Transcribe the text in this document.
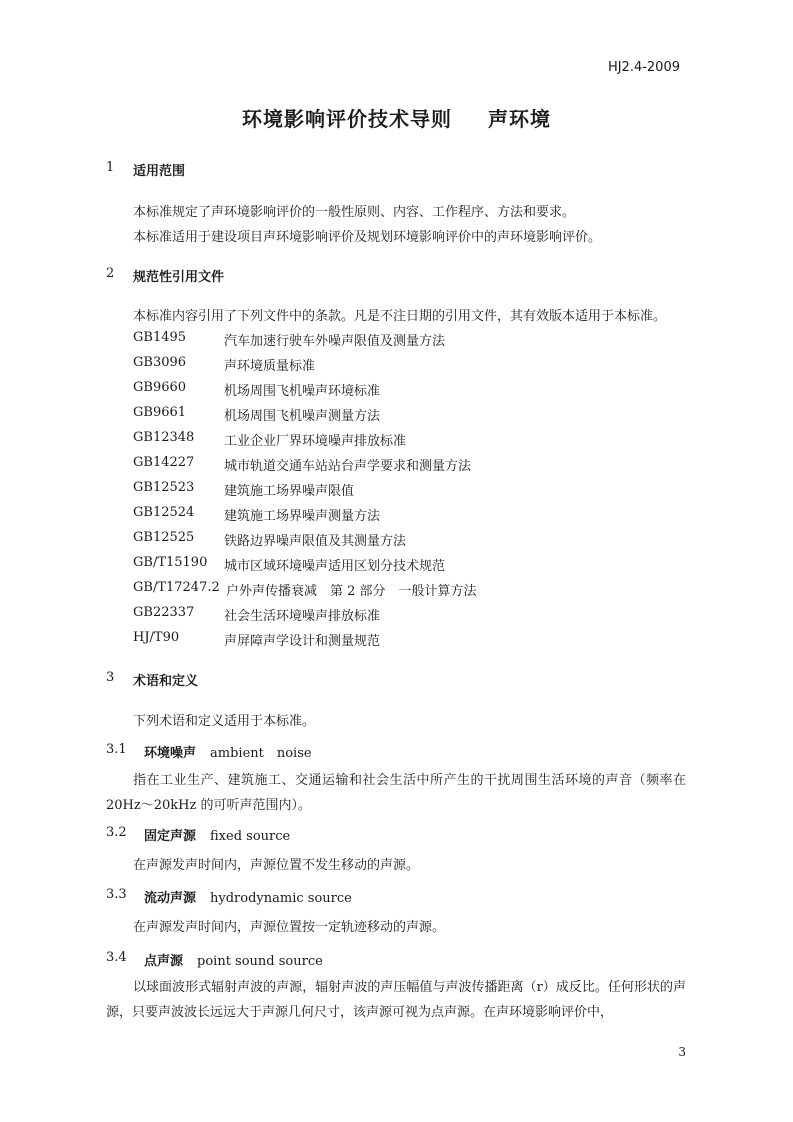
HJ2.4-2009
环境影响评价技术导则 声环境
1 适用范围
本标准规定了声环境影响评价的一般性原则、内容、工作程序、方法和要求。
本标准适用于建设项目声环境影响评价及规划环境影响评价中的声环境影响评价。
2 规范性引用文件
本标准内容引用了下列文件中的条款。凡是不注日期的引用文件，其有效版本适用于本标准。
GB1495	汽车加速行驶车外噪声限值及测量方法
GB3096	声环境质量标准
GB9660	机场周围飞机噪声环境标准
GB9661	机场周围飞机噪声测量方法
GB12348 工业企业厂界环境噪声排放标准
GB14227 城市轨道交通车站站台声学要求和测量方法
GB12523 建筑施工场界噪声限值
GB12524 建筑施工场界噪声测量方法
GB12525 铁路边界噪声限值及其测量方法
GB/T15190 城市区域环境噪声适用区划分技术规范
GB/T17247.2 户外声传播衰减　第 2 部分　一般计算方法
GB22337 社会生活环境噪声排放标准
HJ/T90	声屏障声学设计和测量规范
3 术语和定义
下列术语和定义适用于本标准。
3.1 环境噪声 ambient　noise
指在工业生产、建筑施工、交通运输和社会生活中所产生的干扰周围生活环境的声音（频率在 20Hz～20kHz 的可听声范围内）。
3.2 固定声源 fixed source
在声源发声时间内，声源位置不发生移动的声源。
3.3 流动声源 hydrodynamic source
在声源发声时间内，声源位置按一定轨迹移动的声源。
3.4 点声源 point sound source
以球面波形式辐射声波的声源，辐射声波的声压幅值与声波传播距离（r）成反比。任何形状的声源，只要声波波长远远大于声源几何尺寸，该声源可视为点声源。在声环境影响评价中，
3
